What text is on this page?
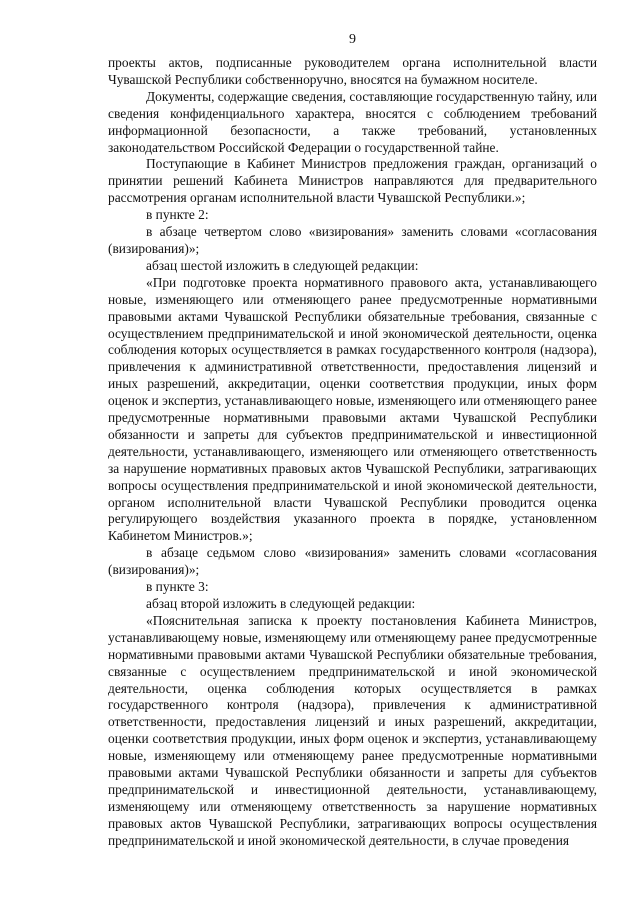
9

проекты актов, подписанные руководителем органа исполнительной власти Чувашской Республики собственноручно, вносятся на бумажном носителе.

Документы, содержащие сведения, составляющие государственную тайну, или сведения конфиденциального характера, вносятся с соблюдением требований информационной безопасности, а также требований, установленных законодательством Российской Федерации о государственной тайне.

Поступающие в Кабинет Министров предложения граждан, организаций о принятии решений Кабинета Министров направляются для предварительного рассмотрения органам исполнительной власти Чувашской Республики.»;

в пункте 2:

в абзаце четвертом слово «визирования» заменить словами «согласования (визирования)»;

абзац шестой изложить в следующей редакции:

«При подготовке проекта нормативного правового акта, устанавливающего новые, изменяющего или отменяющего ранее предусмотренные нормативными правовыми актами Чувашской Республики обязательные требования, связанные с осуществлением предпринимательской и иной экономической деятельности, оценка соблюдения которых осуществляется в рамках государственного контроля (надзора), привлечения к административной ответственности, предоставления лицензий и иных разрешений, аккредитации, оценки соответствия продукции, иных форм оценок и экспертиз, устанавливающего новые, изменяющего или отменяющего ранее предусмотренные нормативными правовыми актами Чувашской Республики обязанности и запреты для субъектов предпринимательской и инвестиционной деятельности, устанавливающего, изменяющего или отменяющего ответственность за нарушение нормативных правовых актов Чувашской Республики, затрагивающих вопросы осуществления предпринимательской и иной экономической деятельности, органом исполнительной власти Чувашской Республики проводится оценка регулирующего воздействия указанного проекта в порядке, установленном Кабинетом Министров.»;

в абзаце седьмом слово «визирования» заменить словами «согласования (визирования)»;

в пункте 3:

абзац второй изложить в следующей редакции:

«Пояснительная записка к проекту постановления Кабинета Министров, устанавливающему новые, изменяющему или отменяющему ранее предусмотренные нормативными правовыми актами Чувашской Республики обязательные требования, связанные с осуществлением предпринимательской и иной экономической деятельности, оценка соблюдения которых осуществляется в рамках государственного контроля (надзора), привлечения к административной ответственности, предоставления лицензий и иных разрешений, аккредитации, оценки соответствия продукции, иных форм оценок и экспертиз, устанавливающему новые, изменяющему или отменяющему ранее предусмотренные нормативными правовыми актами Чувашской Республики обязанности и запреты для субъектов предпринимательской и инвестиционной деятельности, устанавливающему, изменяющему или отменяющему ответственность за нарушение нормативных правовых актов Чувашской Республики, затрагивающих вопросы осуществления предпринимательской и иной экономической деятельности, в случае проведения
